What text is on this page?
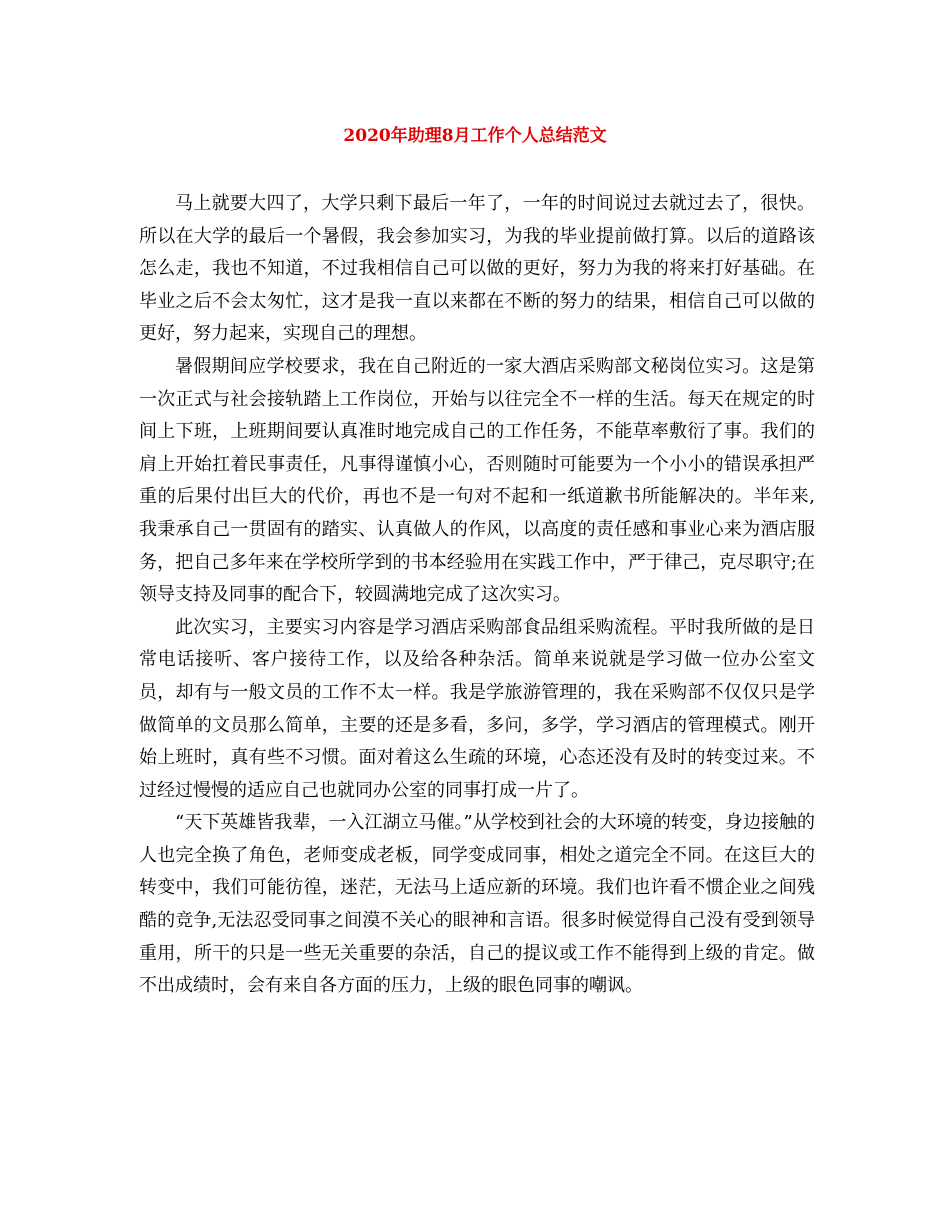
2020年助理8月工作个人总结范文

马上就要大四了，大学只剩下最后一年了，一年的时间说过去就过去了，很快。所以在大学的最后一个暑假，我会参加实习，为我的毕业提前做打算。以后的道路该怎么走，我也不知道，不过我相信自己可以做的更好，努力为我的将来打好基础。在毕业之后不会太匆忙，这才是我一直以来都在不断的努力的结果，相信自己可以做的更好，努力起来，实现自己的理想。

暑假期间应学校要求，我在自己附近的一家大酒店采购部文秘岗位实习。这是第一次正式与社会接轨踏上工作岗位，开始与以往完全不一样的生活。每天在规定的时间上下班，上班期间要认真准时地完成自己的工作任务，不能草率敷衍了事。我们的肩上开始扛着民事责任，凡事得谨慎小心，否则随时可能要为一个小小的错误承担严重的后果付出巨大的代价，再也不是一句对不起和一纸道歉书所能解决的。半年来, 我秉承自己一贯固有的踏实、认真做人的作风，以高度的责任感和事业心来为酒店服务，把自己多年来在学校所学到的书本经验用在实践工作中，严于律己，克尽职守;在领导支持及同事的配合下，较圆满地完成了这次实习。

此次实习，主要实习内容是学习酒店采购部食品组采购流程。平时我所做的是日常电话接听、客户接待工作，以及给各种杂活。简单来说就是学习做一位办公室文员，却有与一般文员的工作不太一样。我是学旅游管理的，我在采购部不仅仅只是学做简单的文员那么简单，主要的还是多看，多问，多学，学习酒店的管理模式。刚开始上班时，真有些不习惯。面对着这么生疏的环境，心态还没有及时的转变过来。不过经过慢慢的适应自己也就同办公室的同事打成一片了。

“天下英雄皆我辈，一入江湖立马催。”从学校到社会的大环境的转变，身边接触的人也完全换了角色，老师变成老板，同学变成同事，相处之道完全不同。在这巨大的转变中，我们可能彷徨，迷茫，无法马上适应新的环境。我们也许看不惯企业之间残酷的竞争,无法忍受同事之间漠不关心的眼神和言语。很多时候觉得自己没有受到领导重用，所干的只是一些无关重要的杂活，自己的提议或工作不能得到上级的肯定。做不出成绩时，会有来自各方面的压力，上级的眼色同事的嘲讽。
